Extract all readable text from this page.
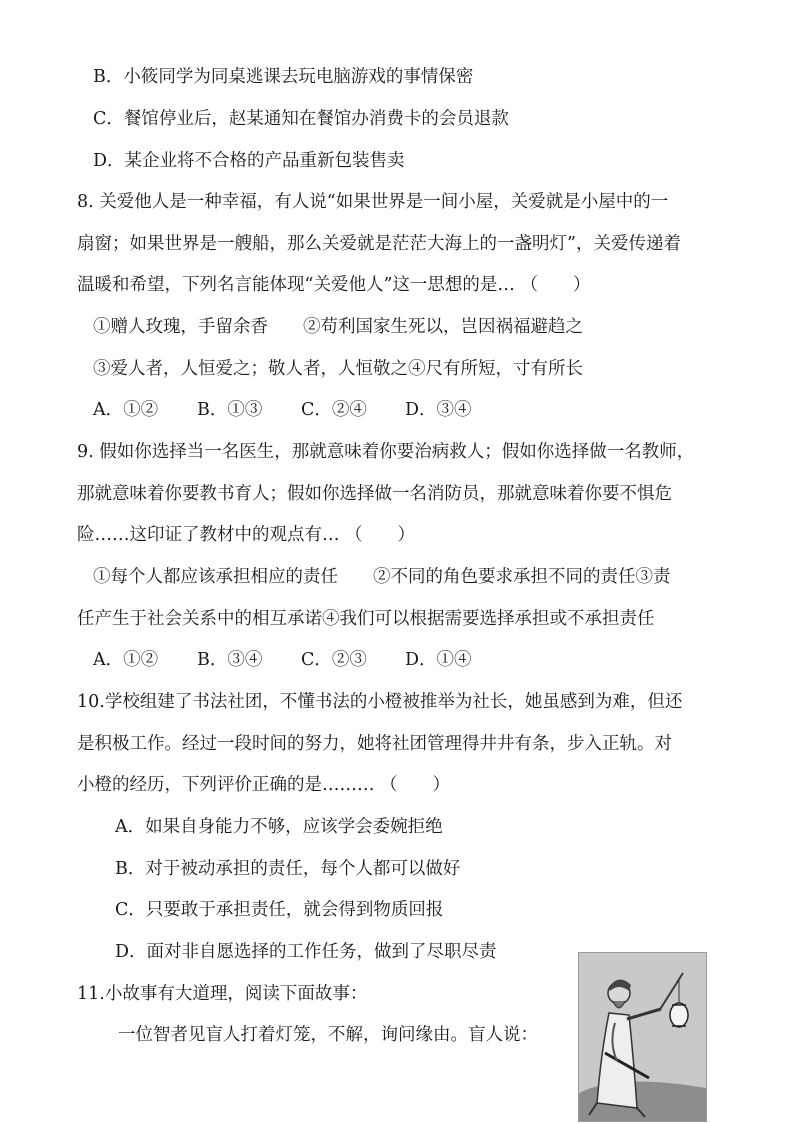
B．小筱同学为同桌逃课去玩电脑游戏的事情保密
C．餐馆停业后，赵某通知在餐馆办消费卡的会员退款
D．某企业将不合格的产品重新包装售卖
8. 关爱他人是一种幸福，有人说“如果世界是一间小屋，关爱就是小屋中的一
扇窗；如果世界是一艘船，那么关爱就是茫茫大海上的一盏明灯”，关爱传递着
温暖和希望，下列名言能体现“关爱他人”这一思想的是… （　　）
①赠人玫瑰，手留余香　　②苟利国家生死以，岂因祸福避趋之
③爱人者，人恒爱之；敬人者，人恒敬之④尺有所短，寸有所长
A．①② B．①③ C．②④ D．③④
9. 假如你选择当一名医生，那就意味着你要治病救人；假如你选择做一名教师，
那就意味着你要教书育人；假如你选择做一名消防员，那就意味着你要不惧危
险……这印证了教材中的观点有… （　　）
①每个人都应该承担相应的责任　　②不同的角色要求承担不同的责任③责
任产生于社会关系中的相互承诺④我们可以根据需要选择承担或不承担责任
A．①② B．③④ C．②③ D．①④
10.学校组建了书法社团，不懂书法的小橙被推举为社长，她虽感到为难，但还
是积极工作。经过一段时间的努力，她将社团管理得井井有条，步入正轨。对
小橙的经历，下列评价正确的是……… （　　）
A．如果自身能力不够，应该学会委婉拒绝
B．对于被动承担的责任，每个人都可以做好
C．只要敢于承担责任，就会得到物质回报
D．面对非自愿选择的工作任务，做到了尽职尽责
11.小故事有大道理，阅读下面故事：
一位智者见盲人打着灯笼，不解，询问缘由。盲人说：
